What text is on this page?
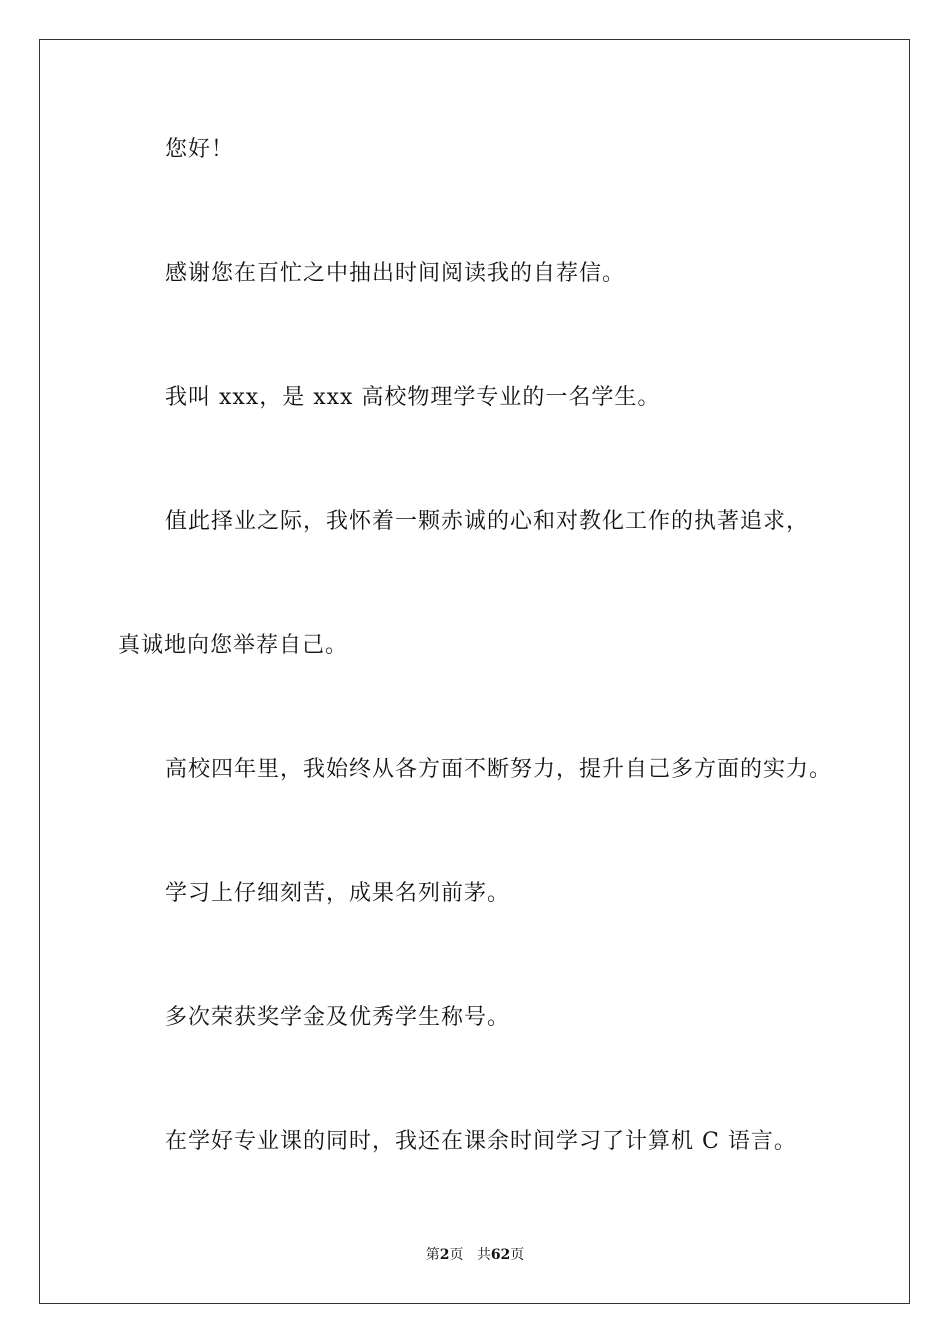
您好！
感谢您在百忙之中抽出时间阅读我的自荐信。
我叫 xxx，是 xxx 高校物理学专业的一名学生。
值此择业之际，我怀着一颗赤诚的心和对教化工作的执著追求，
真诚地向您举荐自己。
高校四年里，我始终从各方面不断努力，提升自己多方面的实力。
学习上仔细刻苦，成果名列前茅。
多次荣获奖学金及优秀学生称号。
在学好专业课的同时，我还在课余时间学习了计算机 C 语言。
第2页 共62页
